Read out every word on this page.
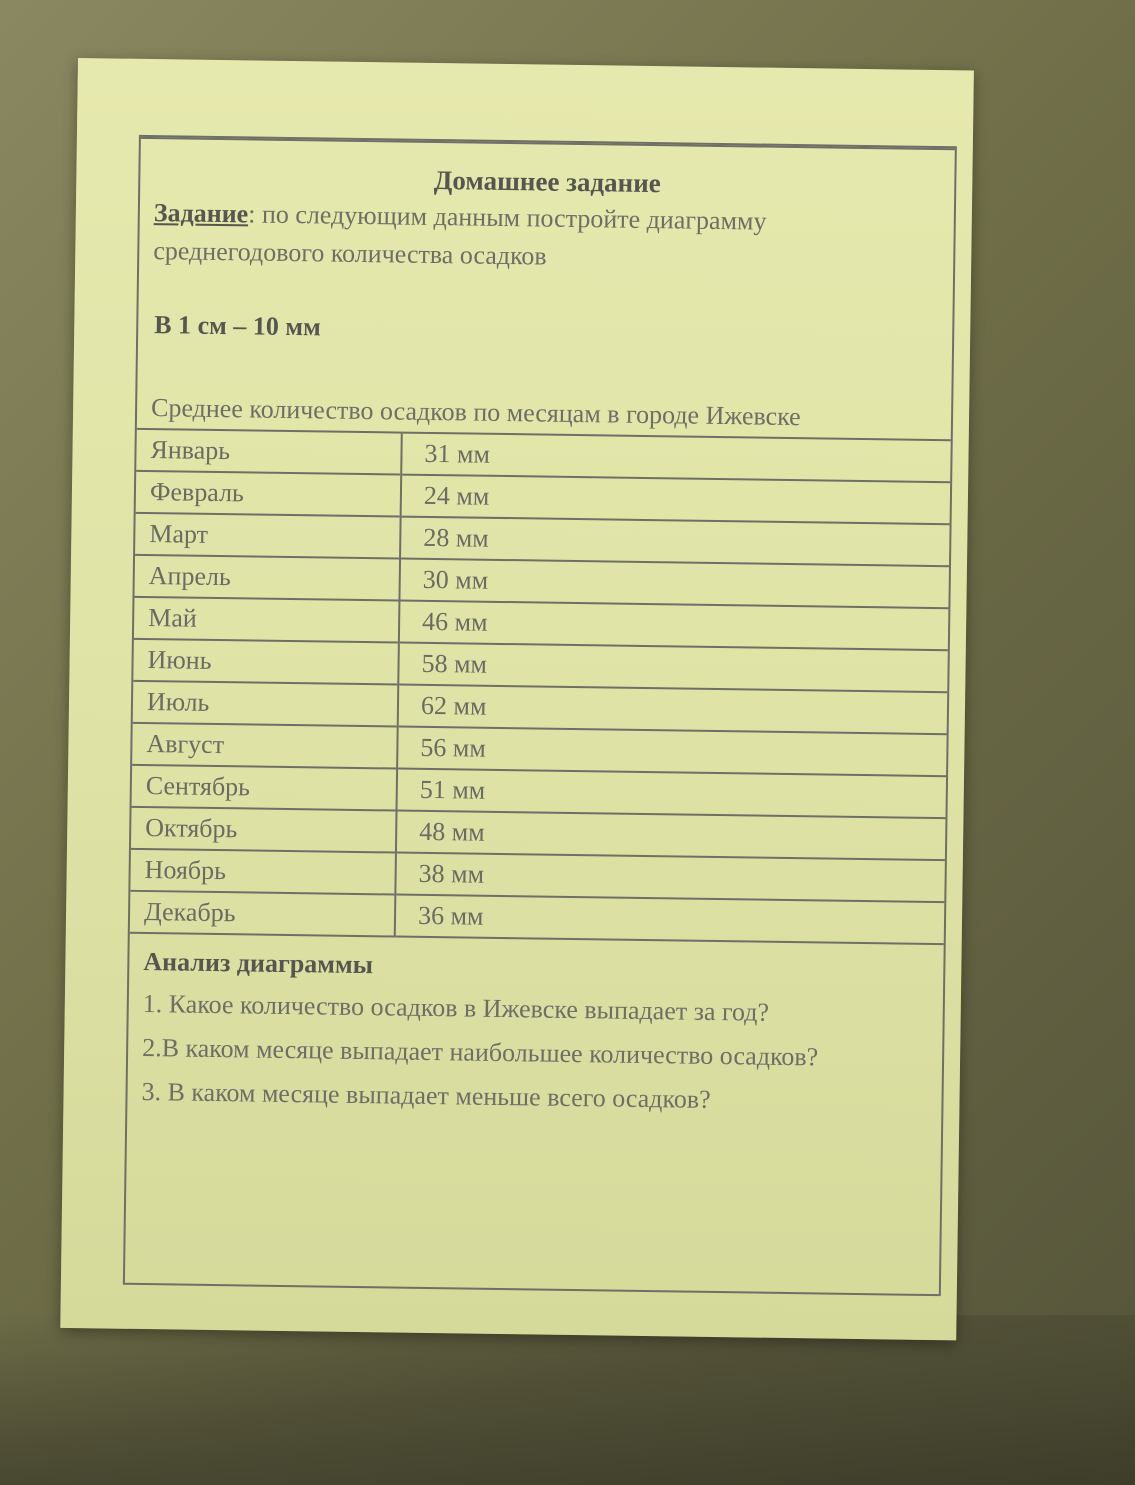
Домашнее задание
Задание: по следующим данным постройте диаграмму среднегодового количества осадков
В 1 см – 10 мм
Среднее количество осадков по месяцам в городе Ижевске
Январь	31 мм
Февраль	24 мм
Март	28 мм
Апрель	30 мм
Май	46 мм
Июнь	58 мм
Июль	62 мм
Август	56 мм
Сентябрь	51 мм
Октябрь	48 мм
Ноябрь	38 мм
Декабрь	36 мм
Анализ диаграммы
1. Какое количество осадков в Ижевске выпадает за год?
2.В каком месяце выпадает наибольшее количество осадков?
3. В каком месяце выпадает меньше всего осадков?
